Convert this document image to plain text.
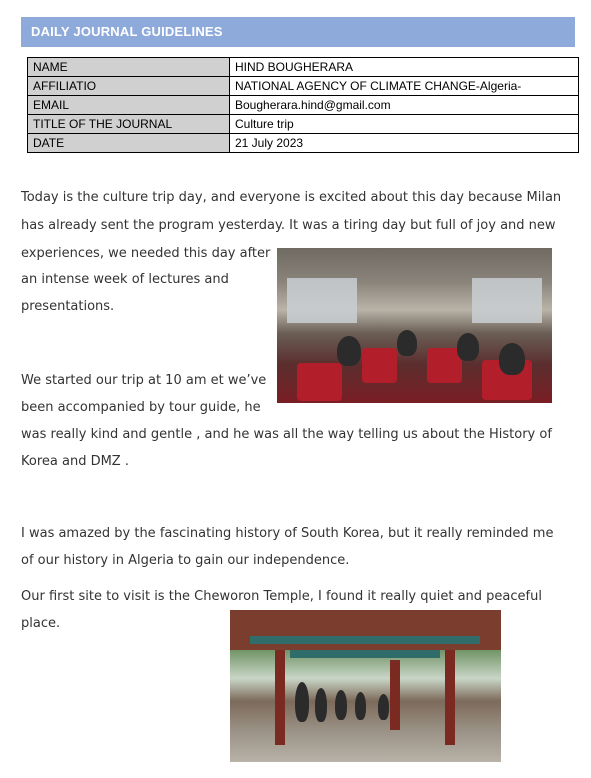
DAILY JOURNAL GUIDELINES
NAME	HIND BOUGHERARA
AFFILIATIO	NATIONAL AGENCY OF CLIMATE CHANGE-Algeria-
EMAIL	Bougherara.hind@gmail.com
TITLE OF THE JOURNAL	Culture trip
DATE	21 July 2023

Today is the culture trip day, and everyone is excited about this day because Milan

has already sent the program yesterday. It was a tiring day but full of joy and new

experiences, we needed this day after

an intense week of lectures and

presentations.

We started our trip at 10 am et we’ve

been accompanied by tour guide, he

was really kind and gentle , and he was all the way telling us about the History of

Korea and DMZ .

I was amazed by the fascinating history of South Korea, but it really reminded me

of our history in Algeria to gain our independence.

Our first site to visit is the Cheworon Temple, I found it really quiet and peaceful

place.
